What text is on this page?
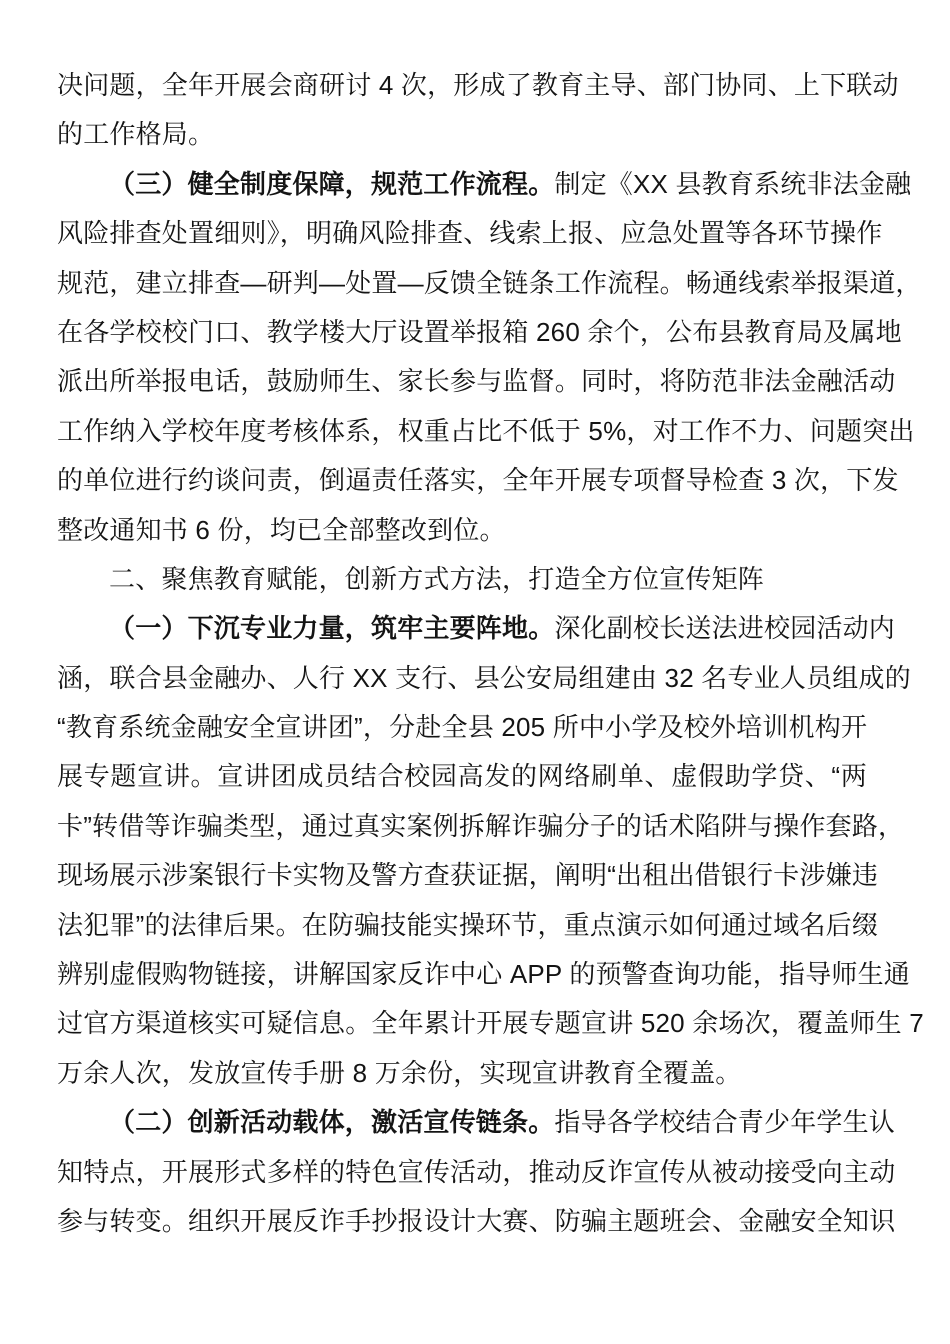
决问题，全年开展会商研讨 4 次，形成了教育主导、部门协同、上下联动
的工作格局。
（三）健全制度保障，规范工作流程。制定《XX 县教育系统非法金融
风险排查处置细则》，明确风险排查、线索上报、应急处置等各环节操作
规范，建立排查—研判—处置—反馈全链条工作流程。畅通线索举报渠道，
在各学校校门口、教学楼大厅设置举报箱 260 余个，公布县教育局及属地
派出所举报电话，鼓励师生、家长参与监督。同时，将防范非法金融活动
工作纳入学校年度考核体系，权重占比不低于 5%，对工作不力、问题突出
的单位进行约谈问责，倒逼责任落实，全年开展专项督导检查 3 次，下发
整改通知书 6 份，均已全部整改到位。
二、聚焦教育赋能，创新方式方法，打造全方位宣传矩阵
（一）下沉专业力量，筑牢主要阵地。深化副校长送法进校园活动内
涵，联合县金融办、人行 XX 支行、县公安局组建由 32 名专业人员组成的
“教育系统金融安全宣讲团”，分赴全县 205 所中小学及校外培训机构开
展专题宣讲。宣讲团成员结合校园高发的网络刷单、虚假助学贷、“两
卡”转借等诈骗类型，通过真实案例拆解诈骗分子的话术陷阱与操作套路，
现场展示涉案银行卡实物及警方查获证据，阐明“出租出借银行卡涉嫌违
法犯罪”的法律后果。在防骗技能实操环节，重点演示如何通过域名后缀
辨别虚假购物链接，讲解国家反诈中心 APP 的预警查询功能，指导师生通
过官方渠道核实可疑信息。全年累计开展专题宣讲 520 余场次，覆盖师生 7
万余人次，发放宣传手册 8 万余份，实现宣讲教育全覆盖。
（二）创新活动载体，激活宣传链条。指导各学校结合青少年学生认
知特点，开展形式多样的特色宣传活动，推动反诈宣传从被动接受向主动
参与转变。组织开展反诈手抄报设计大赛、防骗主题班会、金融安全知识
